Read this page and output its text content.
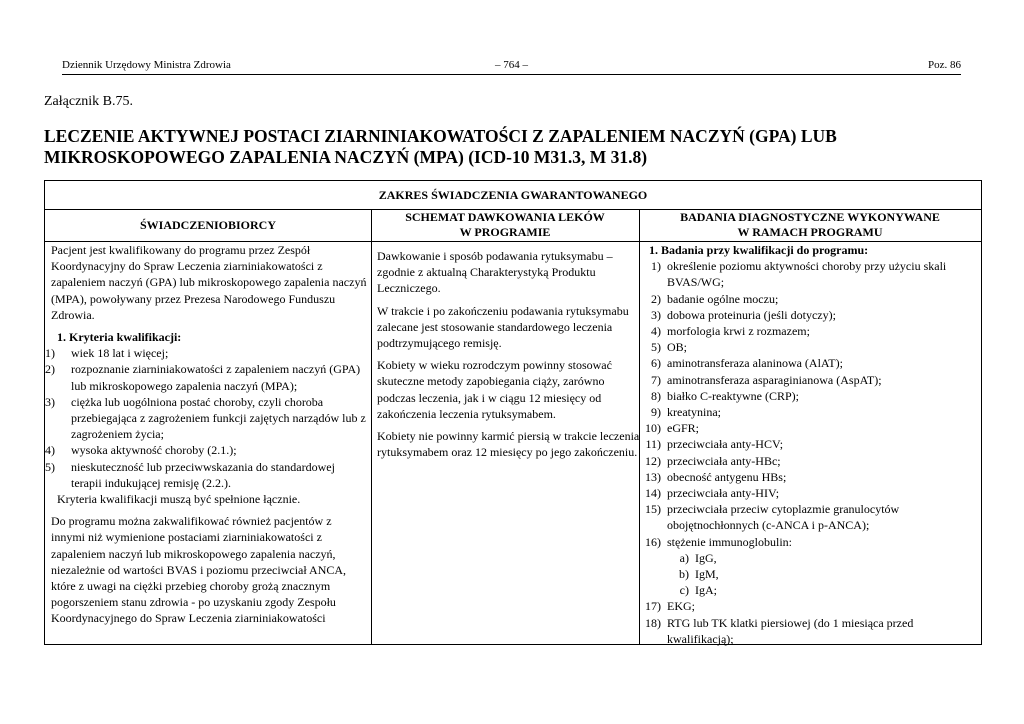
Dziennik Urzędowy Ministra Zdrowia	– 764 –	Poz. 86
Załącznik B.75.
LECZENIE AKTYWNEJ POSTACI ZIARNINIAKOWATOŚCI Z ZAPALENIEM NACZYŃ (GPA) LUB MIKROSKOPOWEGO ZAPALENIA NACZYŃ (MPA) (ICD-10 M31.3, M 31.8)
ZAKRES ŚWIADCZENIA GWARANTOWANEGO
ŚWIADCZENIOBIORCY
SCHEMAT DAWKOWANIA LEKÓW
W PROGRAMIE
BADANIA DIAGNOSTYCZNE WYKONYWANE
W RAMACH PROGRAMU

Pacjent jest kwalifikowany do programu przez Zespół Koordynacyjny do Spraw Leczenia ziarniniakowatości z zapaleniem naczyń (GPA) lub mikroskopowego zapalenia naczyń (MPA), powoływany przez Prezesa Narodowego Funduszu Zdrowia.

1. Kryteria kwalifikacji:

1) wiek 18 lat i więcej;
2) rozpoznanie ziarniniakowatości z zapaleniem naczyń (GPA) lub mikroskopowego zapalenia naczyń (MPA);
3) ciężka lub uogólniona postać choroby, czyli choroba przebiegająca z zagrożeniem funkcji zajętych narządów lub z zagrożeniem życia;
4) wysoka aktywność choroby (2.1.);
5) nieskuteczność lub przeciwwskazania do standardowej terapii indukującej remisję (2.2.).

Kryteria kwalifikacji muszą być spełnione łącznie.

Do programu można zakwalifikować również pacjentów z innymi niż wymienione postaciami ziarniniakowatości z zapaleniem naczyń lub mikroskopowego zapalenia naczyń, niezależnie od wartości BVAS i poziomu przeciwciał ANCA, które z uwagi na ciężki przebieg choroby grożą znacznym pogorszeniem stanu zdrowia - po uzyskaniu zgody Zespołu Koordynacyjnego do Spraw Leczenia ziarniniakowatości

Dawkowanie i sposób podawania rytuksymabu – zgodnie z aktualną Charakterystyką Produktu Leczniczego.

W trakcie i po zakończeniu podawania rytuksymabu zalecane jest stosowanie standardowego leczenia podtrzymującego remisję.

Kobiety w wieku rozrodczym powinny stosować skuteczne metody zapobiegania ciąży, zarówno podczas leczenia, jak i w ciągu 12 miesięcy od zakończenia leczenia rytuksymabem.

Kobiety nie powinny karmić piersią w trakcie leczenia rytuksymabem oraz 12 miesięcy po jego zakończeniu.

1. Badania przy kwalifikacji do programu:

1) określenie poziomu aktywności choroby przy użyciu skali BVAS/WG;
2) badanie ogólne moczu;
3) dobowa proteinuria (jeśli dotyczy);
4) morfologia krwi z rozmazem;
5) OB;
6) aminotransferaza alaninowa (AlAT);
7) aminotransferaza asparaginianowa (AspAT);
8) białko C-reaktywne (CRP);
9) kreatynina;
10) eGFR;
11) przeciwciała anty-HCV;
12) przeciwciała anty-HBc;
13) obecność antygenu HBs;
14) przeciwciała anty-HIV;
15) przeciwciała przeciw cytoplazmie granulocytów obojętnochłonnych (c-ANCA i p-ANCA);
16) stężenie immunoglobulin:
a) IgG,
b) IgM,
c) IgA;
17) EKG;
18) RTG lub TK klatki piersiowej (do 1 miesiąca przed kwalifikacją);
